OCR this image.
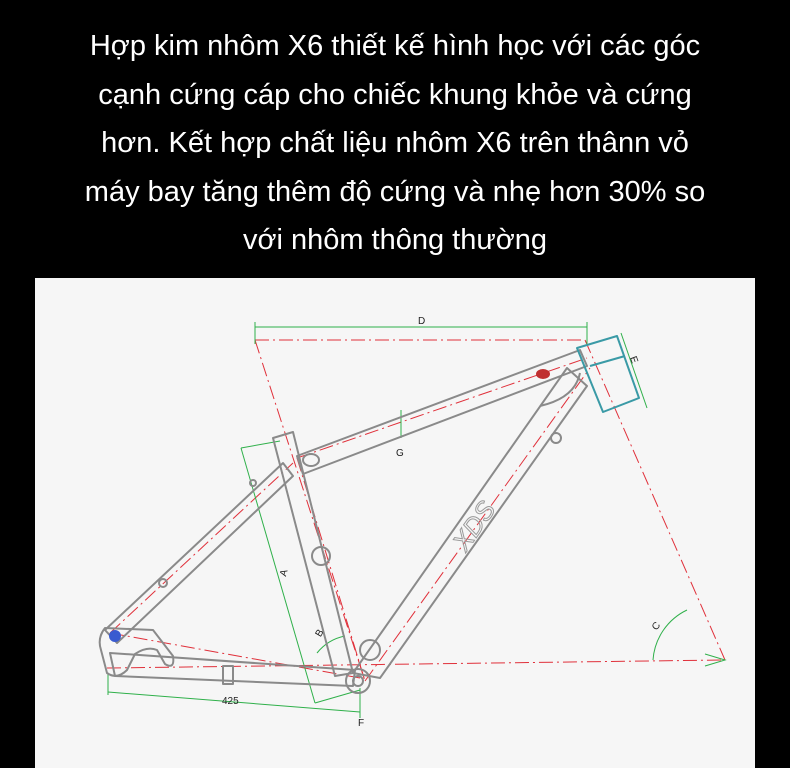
Hợp kim nhôm X6 thiết kế hình học với các góc
cạnh cứng cáp cho chiếc khung khỏe và cứng
hơn. Kết hợp chất liệu nhôm X6 trên thânn vỏ
máy bay tăng thêm độ cứng và nhẹ hơn 30% so
với nhôm thông thường
XDS
D
E
G
A
B
C
F
425
